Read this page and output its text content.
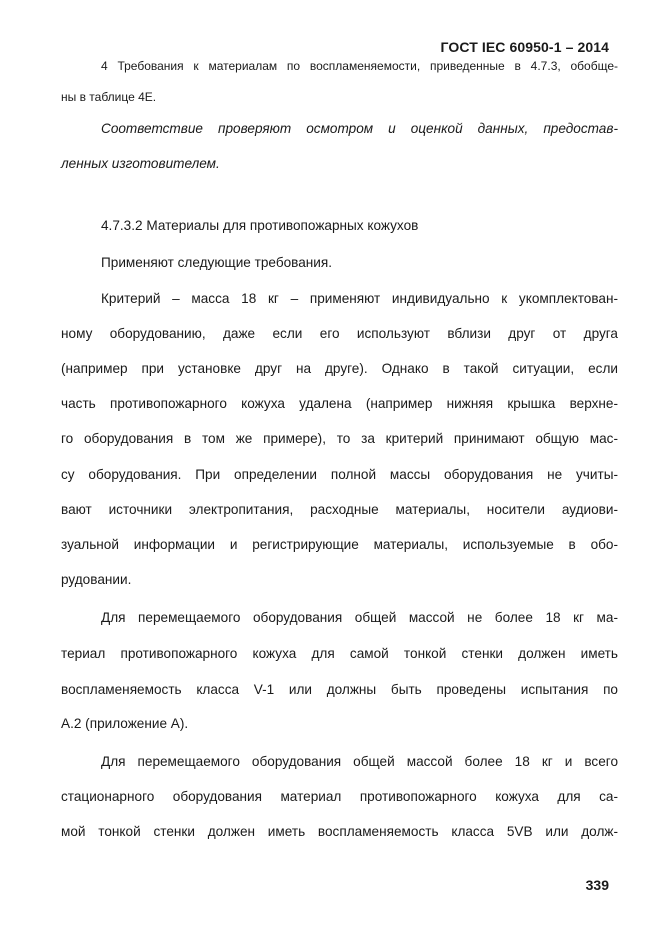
ГОСТ IEC 60950-1 – 2014
4 Требования к материалам по воспламеняемости, приведенные в 4.7.3, обобще-
ны в таблице 4Е.
Соответствие проверяют осмотром и оценкой данных, предостав-
ленных изготовителем.
4.7.3.2 Материалы для противопожарных кожухов
Применяют следующие требования.
Критерий – масса 18 кг – применяют индивидуально к укомплектован-
ному оборудованию, даже если его используют вблизи друг от друга
(например при установке друг на друге). Однако в такой ситуации, если
часть противопожарного кожуха удалена (например нижняя крышка верхне-
го оборудования в том же примере), то за критерий принимают общую мас-
су оборудования. При определении полной массы оборудования не учиты-
вают источники электропитания, расходные материалы, носители аудиови-
зуальной информации и регистрирующие материалы, используемые в обо-
рудовании.
Для перемещаемого оборудования общей массой не более 18 кг ма-
териал противопожарного кожуха для самой тонкой стенки должен иметь
воспламеняемость класса V-1 или должны быть проведены испытания по
А.2 (приложение А).
Для перемещаемого оборудования общей массой более 18 кг и всего
стационарного оборудования материал противопожарного кожуха для са-
мой тонкой стенки должен иметь воспламеняемость класса 5VB или долж-
339
